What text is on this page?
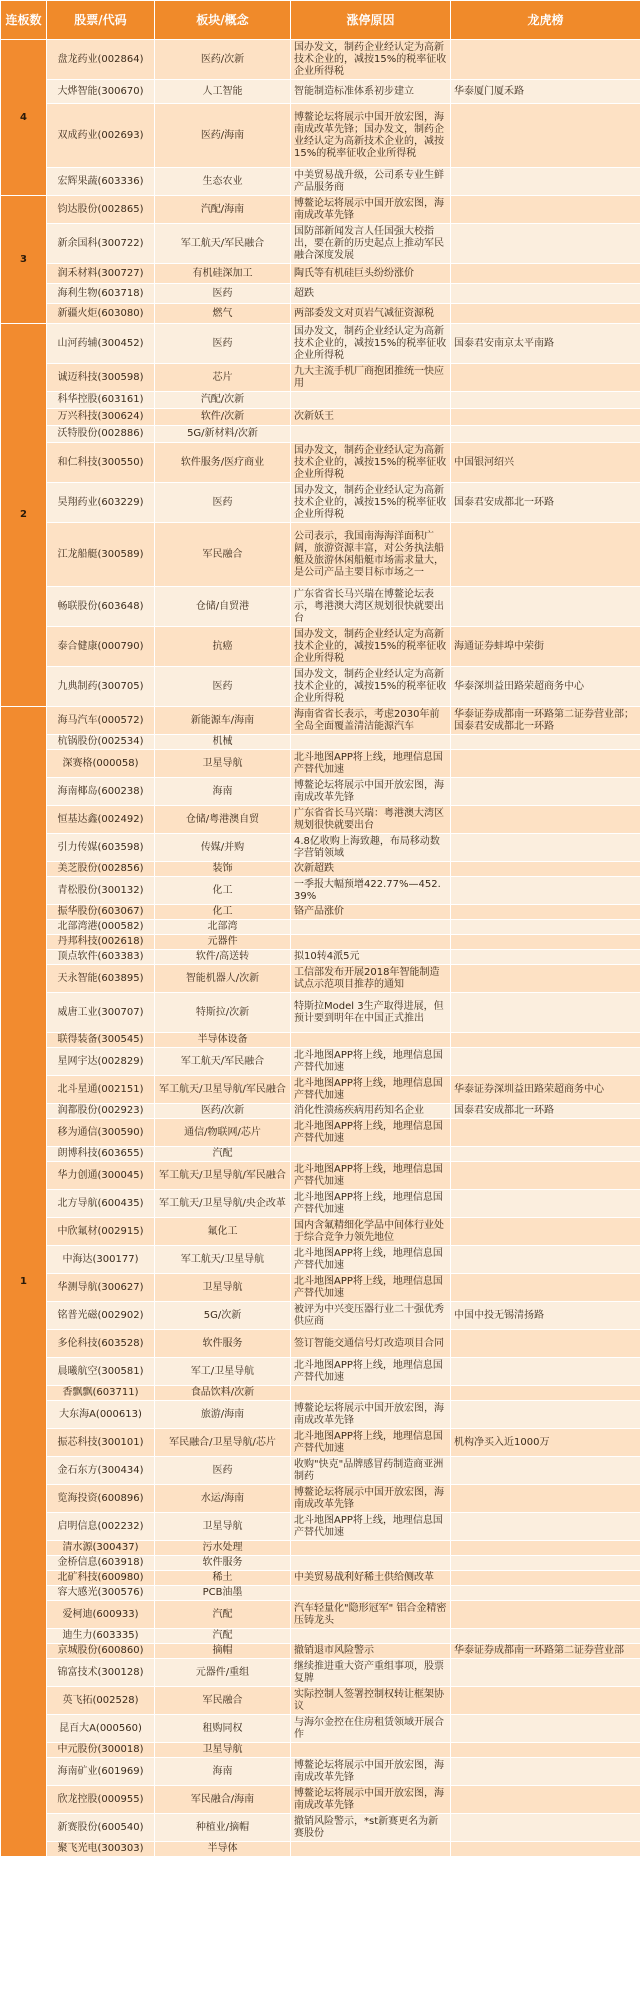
连板数	股票/代码	板块/概念	涨停原因	龙虎榜
4	盘龙药业(002864)	医药/次新	国办发文，制药企业经认定为高新技术企业的，减按15%的税率征收企业所得税	
	大烨智能(300670)	人工智能	智能制造标准体系初步建立	华泰厦门厦禾路
	双成药业(002693)	医药/海南	博鳌论坛将展示中国开放宏图，海南成改革先锋；国办发文，制药企业经认定为高新技术企业的，减按15%的税率征收企业所得税	
	宏辉果蔬(603336)	生态农业	中美贸易战升级，公司系专业生鲜产品服务商	
3	钧达股份(002865)	汽配/海南	博鳌论坛将展示中国开放宏图，海南成改革先锋	
	新余国科(300722)	军工航天/军民融合	国防部新闻发言人任国强大校指出，要在新的历史起点上推动军民融合深度发展	
	润禾材料(300727)	有机硅深加工	陶氏等有机硅巨头纷纷涨价	
	海利生物(603718)	医药	超跌	
	新疆火炬(603080)	燃气	两部委发文对页岩气减征资源税	
2	山河药辅(300452)	医药	国办发文，制药企业经认定为高新技术企业的，减按15%的税率征收企业所得税	国泰君安南京太平南路
	诚迈科技(300598)	芯片	九大主流手机厂商抱团推统一快应用	
	科华控股(603161)	汽配/次新		
	万兴科技(300624)	软件/次新	次新妖王	
	沃特股份(002886)	5G/新材料/次新		
	和仁科技(300550)	软件服务/医疗商业	国办发文，制药企业经认定为高新技术企业的，减按15%的税率征收企业所得税	中国银河绍兴
	昊翔药业(603229)	医药	国办发文，制药企业经认定为高新技术企业的，减按15%的税率征收企业所得税	国泰君安成都北一环路
	江龙船艇(300589)	军民融合	公司表示，我国南海海洋面积广阔，旅游资源丰富，对公务执法船艇及旅游休闲船艇市场需求量大，是公司产品主要目标市场之一	
	畅联股份(603648)	仓储/自贸港	广东省省长马兴瑞在博鳌论坛表示，粤港澳大湾区规划很快就要出台	
	泰合健康(000790)	抗癌	国办发文，制药企业经认定为高新技术企业的，减按15%的税率征收企业所得税	海通证券蚌埠中荣街
	九典制药(300705)	医药	国办发文，制药企业经认定为高新技术企业的，减按15%的税率征收企业所得税	华泰深圳益田路荣超商务中心
1	海马汽车(000572)	新能源车/海南	海南省省长表示，考虑2030年前全岛全面覆盖清洁能源汽车	华泰证券成都南一环路第二证券营业部；国泰君安成都北一环路
	杭锅股份(002534)	机械		
	深赛格(000058)	卫星导航	北斗地图APP将上线，地理信息国产替代加速	
	海南椰岛(600238)	海南	博鳌论坛将展示中国开放宏图，海南成改革先锋	
	恒基达鑫(002492)	仓储/粤港澳自贸	广东省省长马兴瑞：粤港澳大湾区规划很快就要出台	
	引力传媒(603598)	传媒/并购	4.8亿收购上海致趣，布局移动数字营销领域	
	美芝股份(002856)	装饰	次新超跌	
	青松股份(300132)	化工	一季报大幅预增422.77%—452.39%	
	振华股份(603067)	化工	铬产品涨价	
	北部湾港(000582)	北部湾		
	丹邦科技(002618)	元器件		
	顶点软件(603383)	软件/高送转	拟10转4派5元	
	天永智能(603895)	智能机器人/次新	工信部发布开展2018年智能制造试点示范项目推荐的通知	
	威唐工业(300707)	特斯拉/次新	特斯拉Model 3生产取得进展，但预计要到明年在中国正式推出	
	联得装备(300545)	半导体设备		
	星网宇达(002829)	军工航天/军民融合	北斗地图APP将上线，地理信息国产替代加速	
	北斗星通(002151)	军工航天/卫星导航/军民融合	北斗地图APP将上线，地理信息国产替代加速	华泰证券深圳益田路荣超商务中心
	润都股份(002923)	医药/次新	消化性溃疡疾病用药知名企业	国泰君安成都北一环路
	移为通信(300590)	通信/物联网/芯片	北斗地图APP将上线，地理信息国产替代加速	
	朗博科技(603655)	汽配		
	华力创通(300045)	军工航天/卫星导航/军民融合	北斗地图APP将上线，地理信息国产替代加速	
	北方导航(600435)	军工航天/卫星导航/央企改革	北斗地图APP将上线，地理信息国产替代加速	
	中欣氟材(002915)	氟化工	国内含氟精细化学品中间体行业处于综合竞争力领先地位	
	中海达(300177)	军工航天/卫星导航	北斗地图APP将上线，地理信息国产替代加速	
	华测导航(300627)	卫星导航	北斗地图APP将上线，地理信息国产替代加速	
	铭普光磁(002902)	5G/次新	被评为中兴变压器行业二十强优秀供应商	中国中投无锡清扬路
	多伦科技(603528)	软件服务	签订智能交通信号灯改造项目合同	
	晨曦航空(300581)	军工/卫星导航	北斗地图APP将上线，地理信息国产替代加速	
	香飘飘(603711)	食品饮料/次新		
	大东海A(000613)	旅游/海南	博鳌论坛将展示中国开放宏图，海南成改革先锋	
	振芯科技(300101)	军民融合/卫星导航/芯片	北斗地图APP将上线，地理信息国产替代加速	机构净买入近1000万
	金石东方(300434)	医药	收购"快克"品牌感冒药制造商亚洲制药	
	览海投资(600896)	水运/海南	博鳌论坛将展示中国开放宏图，海南成改革先锋	
	启明信息(002232)	卫星导航	北斗地图APP将上线，地理信息国产替代加速	
	清水源(300437)	污水处理		
	金桥信息(603918)	软件服务		
	北矿科技(600980)	稀土	中美贸易战利好稀土供给侧改革	
	容大感光(300576)	PCB油墨		
	爱柯迪(600933)	汽配	汽车轻量化"隐形冠军" 铝合金精密压铸龙头	
	迪生力(603335)	汽配		
	京城股份(600860)	摘帽	撤销退市风险警示	华泰证券成都南一环路第二证券营业部
	锦富技术(300128)	元器件/重组	继续推进重大资产重组事项，股票复牌	
	英飞拓(002528)	军民融合	实际控制人签署控制权转让框架协议	
	昆百大A(000560)	租购同权	与海尔金控在住房租赁领域开展合作	
	中元股份(300018)	卫星导航		
	海南矿业(601969)	海南	博鳌论坛将展示中国开放宏图，海南成改革先锋	
	欣龙控股(000955)	军民融合/海南	博鳌论坛将展示中国开放宏图，海南成改革先锋	
	新赛股份(600540)	种植业/摘帽	撤销风险警示，*st新赛更名为新赛股份	
	聚飞光电(300303)	半导体		
